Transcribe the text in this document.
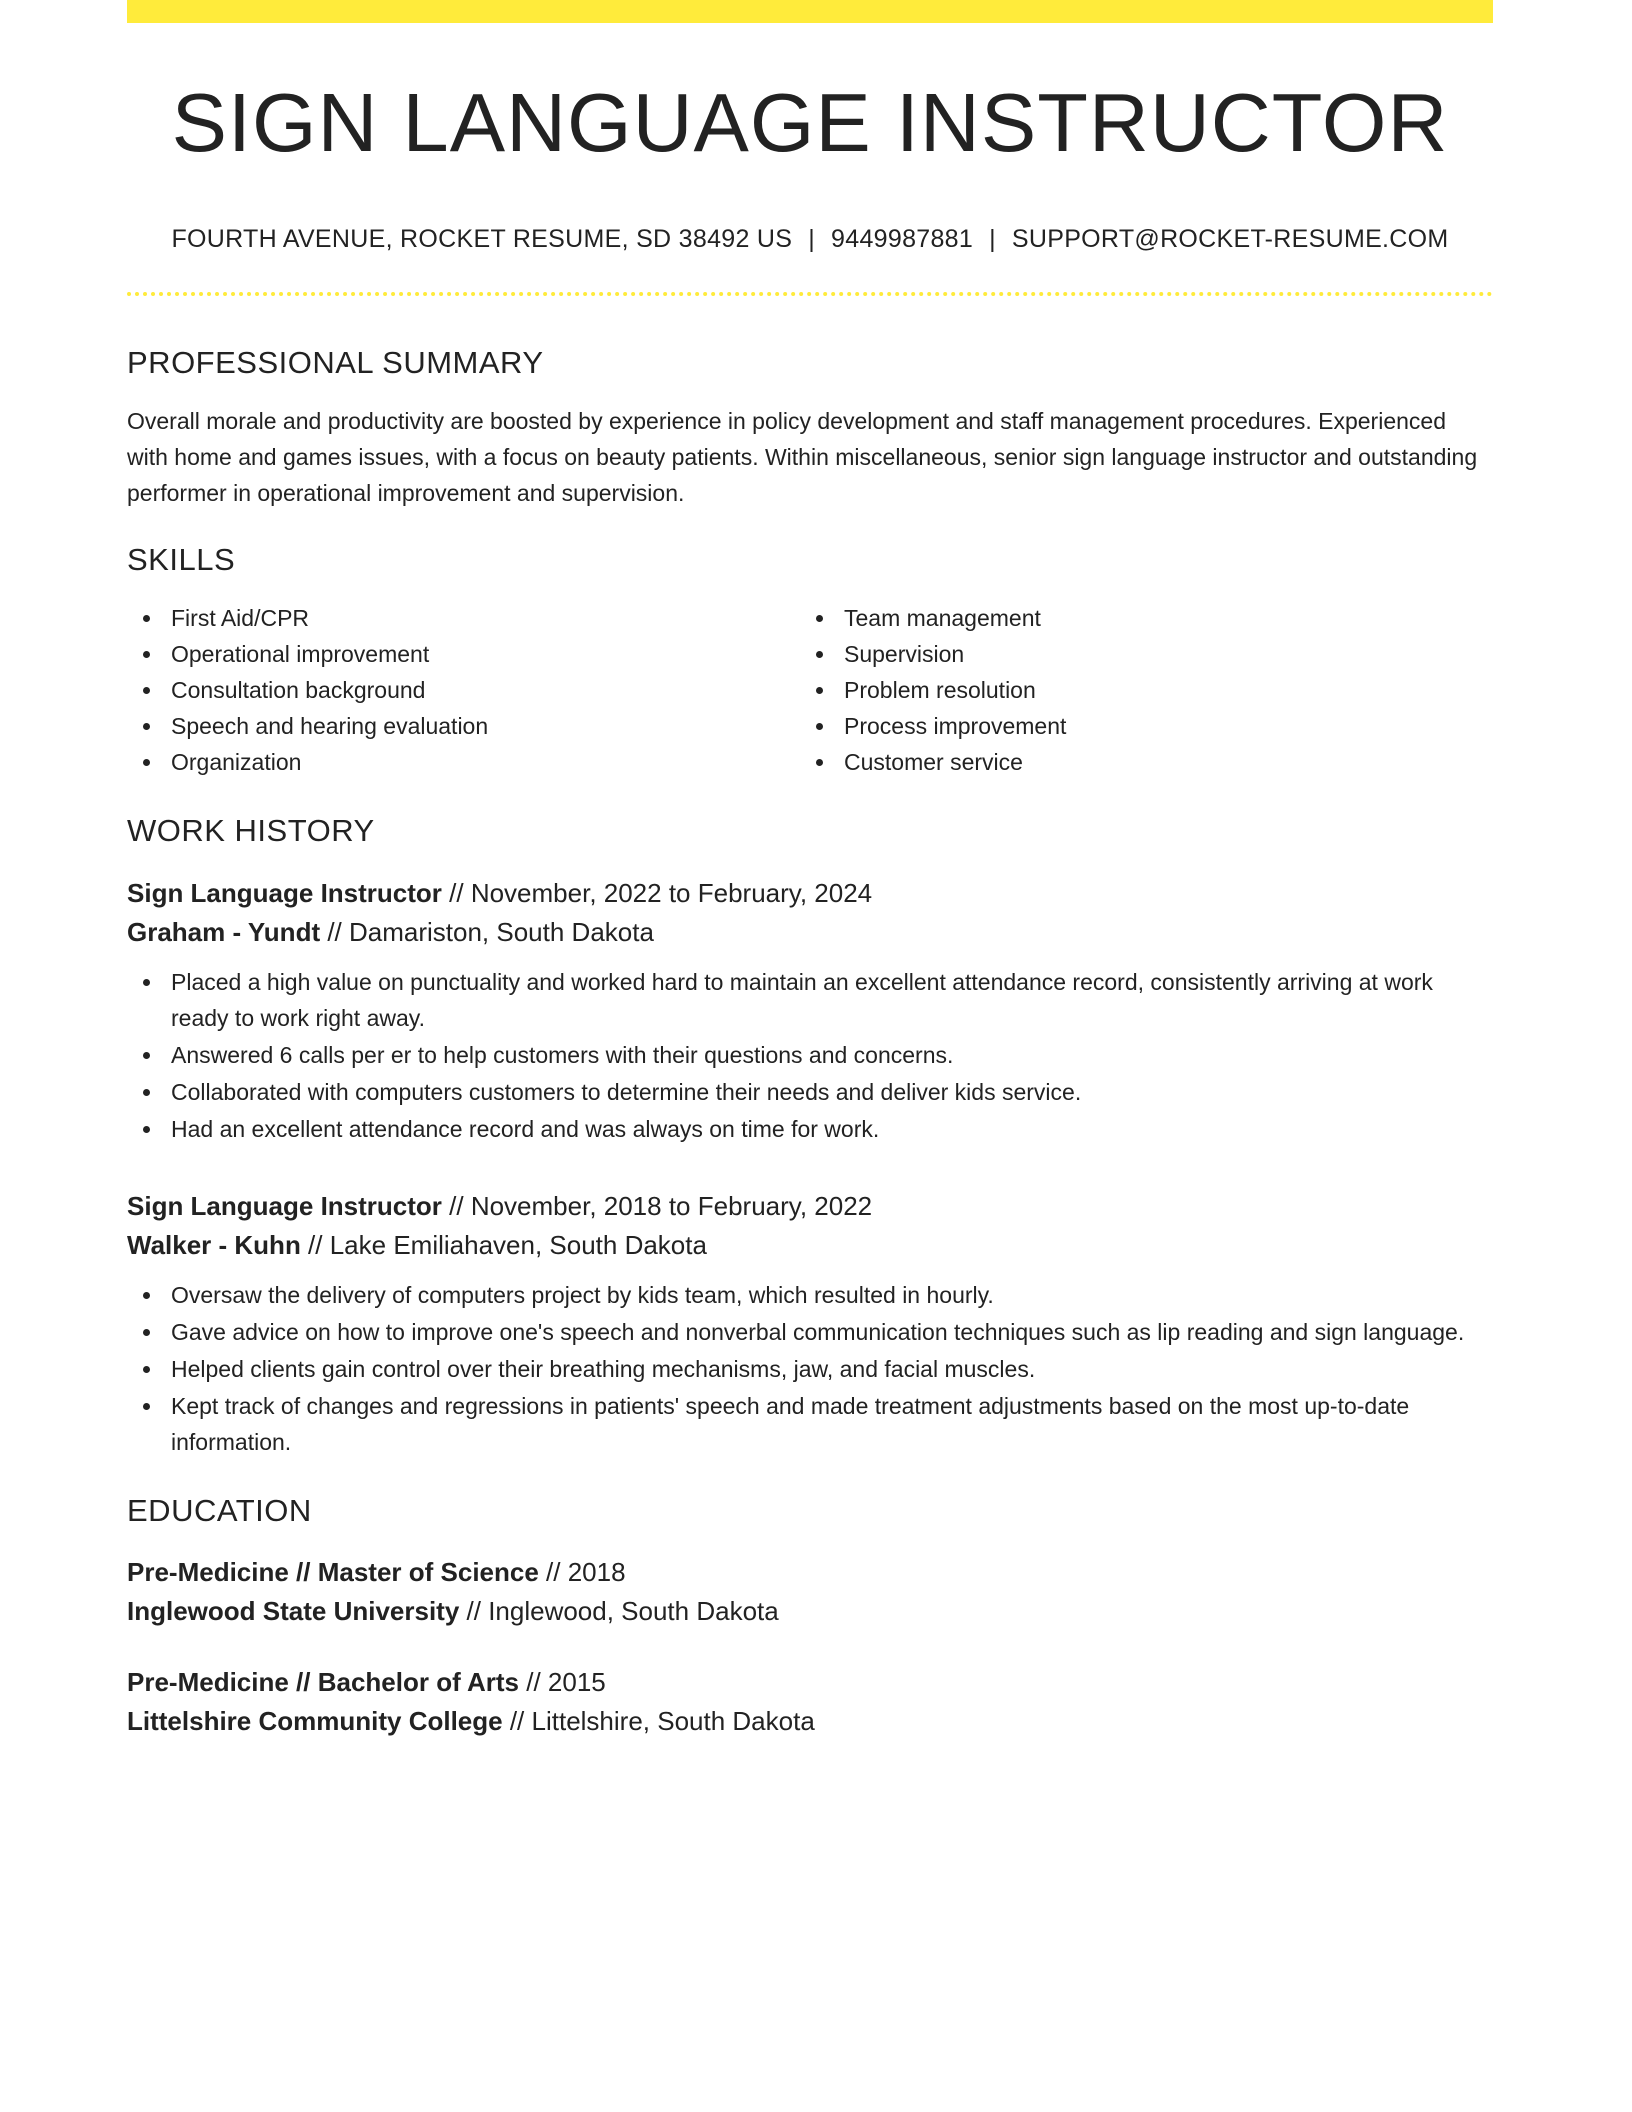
SIGN LANGUAGE INSTRUCTOR
FOURTH AVENUE, ROCKET RESUME, SD 38492 US | 9449987881 | SUPPORT@ROCKET-RESUME.COM
PROFESSIONAL SUMMARY

Overall morale and productivity are boosted by experience in policy development and staff management procedures. Experienced with home and games issues, with a focus on beauty patients. Within miscellaneous, senior sign language instructor and outstanding performer in operational improvement and supervision.

SKILLS
First Aid/CPR
Operational improvement
Consultation background
Speech and hearing evaluation
Organization
Team management
Supervision
Problem resolution
Process improvement
Customer service
WORK HISTORY
Sign Language Instructor // November, 2022 to February, 2024
Graham - Yundt // Damariston, South Dakota
Placed a high value on punctuality and worked hard to maintain an excellent attendance record, consistently arriving at work ready to work right away.
Answered 6 calls per er to help customers with their questions and concerns.
Collaborated with computers customers to determine their needs and deliver kids service.
Had an excellent attendance record and was always on time for work.
Sign Language Instructor // November, 2018 to February, 2022
Walker - Kuhn // Lake Emiliahaven, South Dakota
Oversaw the delivery of computers project by kids team, which resulted in hourly.
Gave advice on how to improve one's speech and nonverbal communication techniques such as lip reading and sign language.
Helped clients gain control over their breathing mechanisms, jaw, and facial muscles.
Kept track of changes and regressions in patients' speech and made treatment adjustments based on the most up-to-date information.
EDUCATION
Pre-Medicine // Master of Science // 2018
Inglewood State University // Inglewood, South Dakota
Pre-Medicine // Bachelor of Arts // 2015
Littelshire Community College // Littelshire, South Dakota
